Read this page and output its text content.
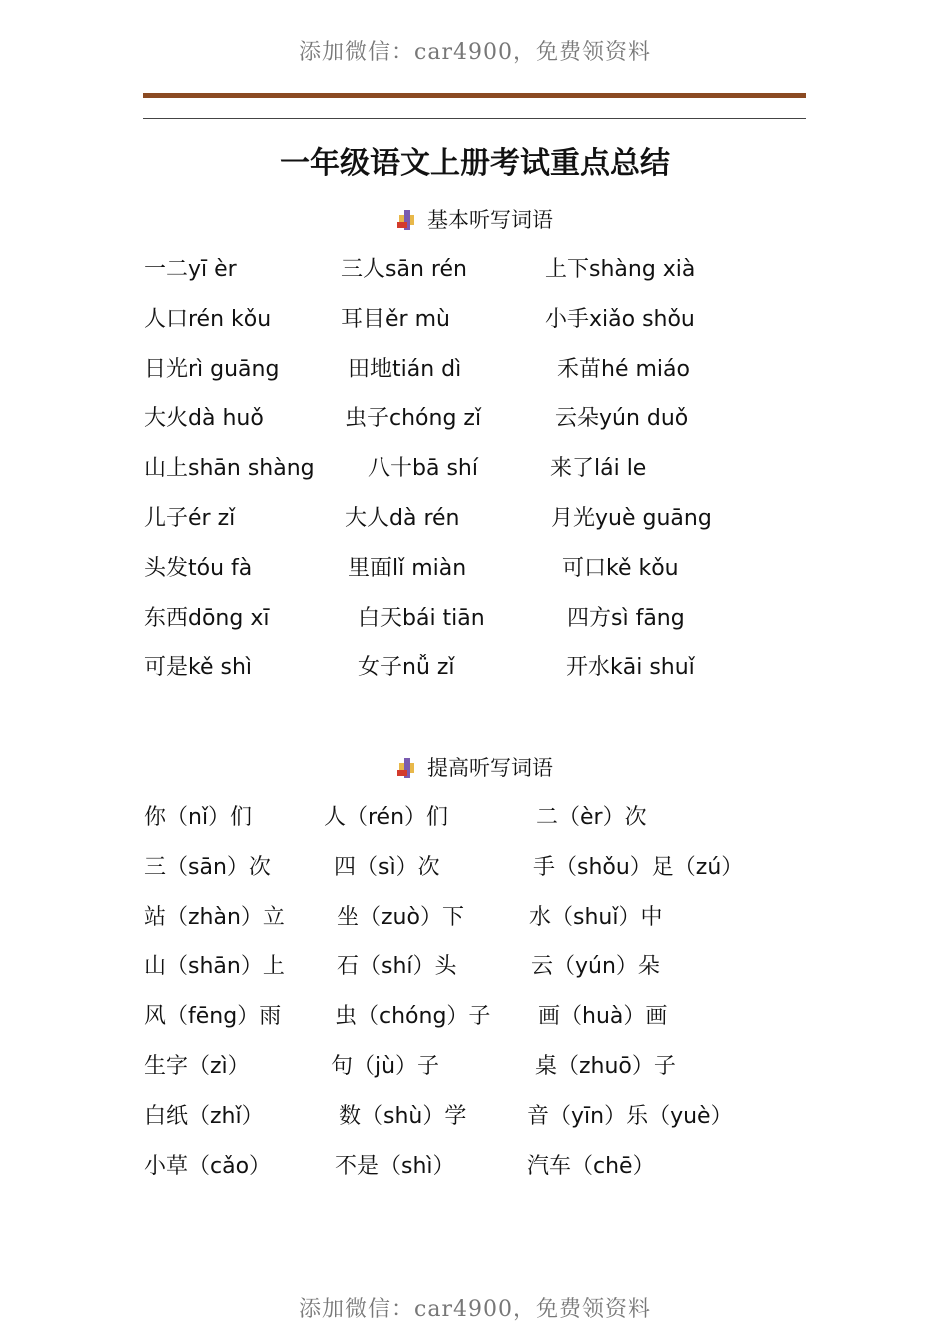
添加微信：car4900，免费领资料
一年级语文上册考试重点总结
基本听写词语
提高听写词语
一二yī èr	三人sān rén	上下shàng xià
人口rén kǒu	耳目ěr mù	小手xiǎo shǒu
日光rì guāng	田地tián dì	禾苗hé miáo
大火dà huǒ	虫子chóng zǐ	云朵yún duǒ
山上shān shàng 八十bā shí	来了lái le
儿子ér zǐ	大人dà rén	月光yuè guāng
头发tóu fà	里面lǐ miàn	可口kě kǒu
东西dōng xī	白天bái tiān	四方sì fāng
可是kě shì	女子nǚ zǐ	开水kāi shuǐ
你（nǐ）们	人（rén）们	二（èr）次
三（sān）次	四（sì）次	手（shǒu）足（zú）
站（zhàn）立 坐（zuò）下	水（shuǐ）中
山（shān）上 石（shí）头	云（yún）朵
风（fēng）雨 虫（chóng）子 画（huà）画
生字（zì）	句（jù）子	桌（zhuō）子
白纸（zhǐ）	数（shù）学	音（yīn）乐（yuè）
小草（cǎo）	不是（shì）	汽车（chē）
添加微信：car4900，免费领资料
